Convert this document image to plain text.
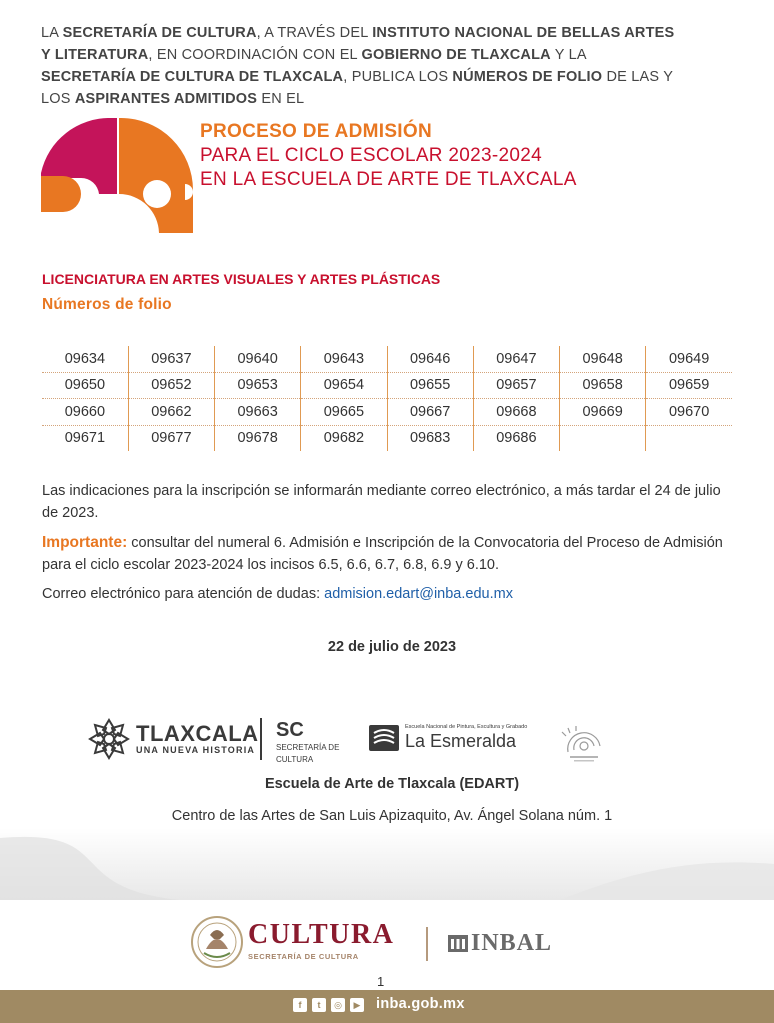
LA SECRETARÍA DE CULTURA, A TRAVÉS DEL INSTITUTO NACIONAL DE BELLAS ARTES Y LITERATURA, EN COORDINACIÓN CON EL GOBIERNO DE TLAXCALA Y LA SECRETARÍA DE CULTURA DE TLAXCALA, PUBLICA LOS NÚMEROS DE FOLIO DE LAS Y LOS ASPIRANTES ADMITIDOS EN EL
PROCESO DE ADMISIÓN
PARA EL CICLO ESCOLAR 2023-2024
EN LA ESCUELA DE ARTE DE TLAXCALA
LICENCIATURA EN ARTES VISUALES Y ARTES PLÁSTICAS
Números de folio
09634	09637	09640	09643	09646	09647	09648	09649
09650	09652	09653	09654	09655	09657	09658	09659
09660	09662	09663	09665	09667	09668	09669	09670
09671	09677	09678	09682	09683	09686		
Las indicaciones para la inscripción se informarán mediante correo electrónico, a más tardar el 24 de julio de 2023.
Importante: consultar del numeral 6. Admisión e Inscripción de la Convocatoria del Proceso de Admisión para el ciclo escolar 2023-2024 los incisos 6.5, 6.6, 6.7, 6.8, 6.9 y 6.10.
Correo electrónico para atención de dudas: admision.edart@inba.edu.mx
22 de julio de 2023
TLAXCALA
UNA NUEVA HISTORIA
SC
SECRETARÍA DE
CULTURA
Escuela Nacional de Pintura, Escultura y Grabado
La Esmeralda
Escuela de Arte de Tlaxcala (EDART)
Centro de las Artes de San Luis Apizaquito, Av. Ángel Solana núm. 1
CULTURA
SECRETARÍA DE CULTURA
INBAL
1
f	t	◎	▶ inba.gob.mx
